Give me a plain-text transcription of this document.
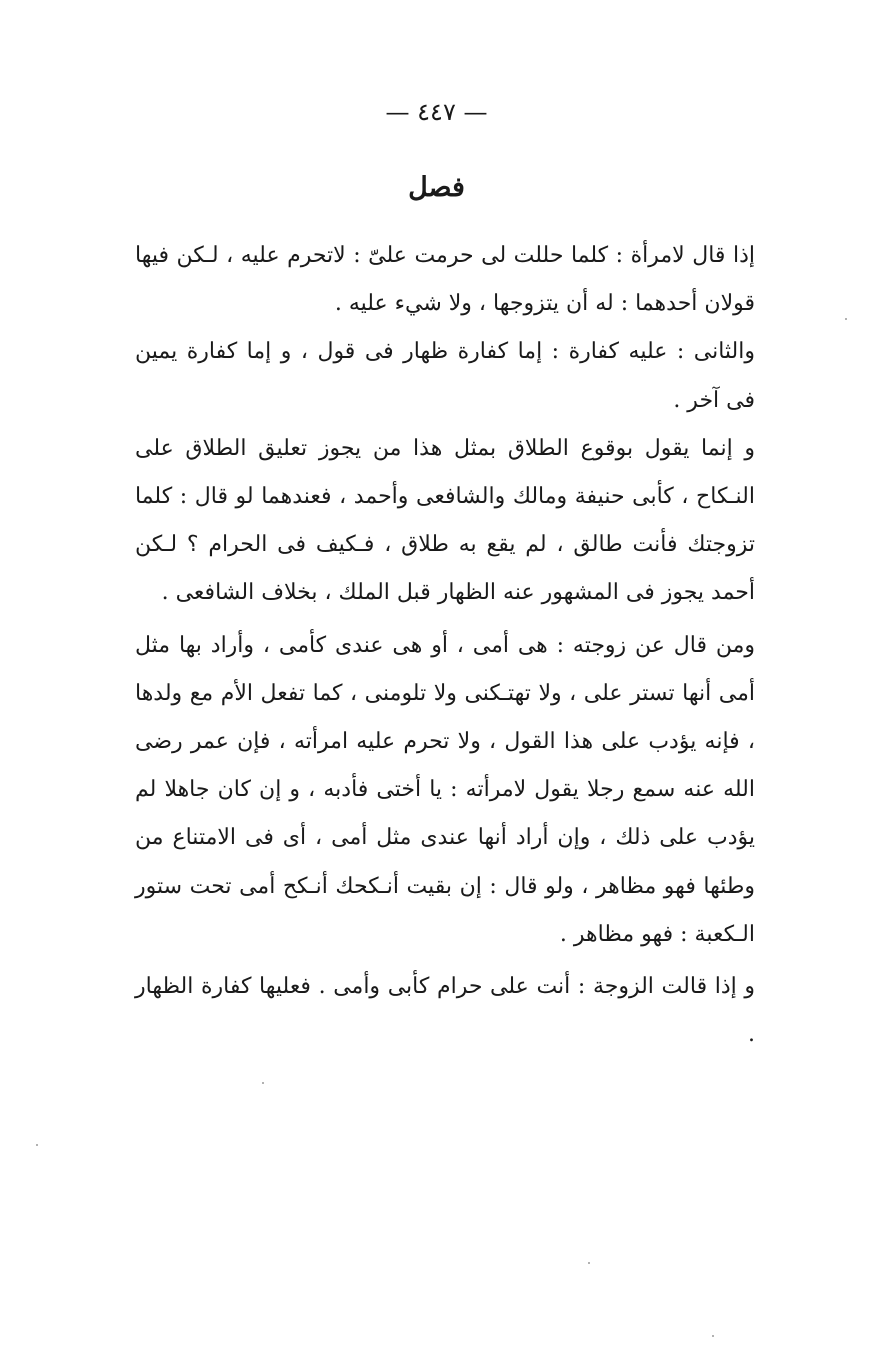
— ٤٤٧ —
فصل

إذا قال لامرأة : كلما حللت لى حرمت علىّ : لاتحرم عليه ، لـكن فيها قولان أحدهما : له أن يتزوجها ، ولا شيء عليه .

والثانى : عليه كفارة : إما كفارة ظهار فى قول ، و إما كفارة يمين فى آخر .

و إنما يقول بوقوع الطلاق بمثل هذا من يجوز تعليق الطلاق على النـكاح ، كأبى حنيفة ومالك والشافعى وأحمد ، فعندهما لو قال : كلما تزوجتك فأنت طالق ، لم يقع به طلاق ، فـكيف فى الحرام ؟ لـكن أحمد يجوز فى المشهور عنه الظهار قبل الملك ، بخلاف الشافعى .

ومن قال عن زوجته : هى أمى ، أو هى عندى كأمى ، وأراد بها مثل أمى أنها تستر على ، ولا تهتـكنى ولا تلومنى ، كما تفعل الأم مع ولدها ، فإنه يؤدب على هذا القول ، ولا تحرم عليه امرأته ، فإن عمر رضى الله عنه سمع رجلا يقول لامرأته : يا أختى فأدبه ، و إن كان جاهلا لم يؤدب على ذلك ، وإن أراد أنها عندى مثل أمى ، أى فى الامتناع من وطئها فهو مظاهر ، ولو قال : إن بقيت أنـكحك أنـكح أمى تحت ستور الـكعبة : فهو مظاهر .

و إذا قالت الزوجة : أنت على حرام كأبى وأمى . فعليها كفارة الظهار .
